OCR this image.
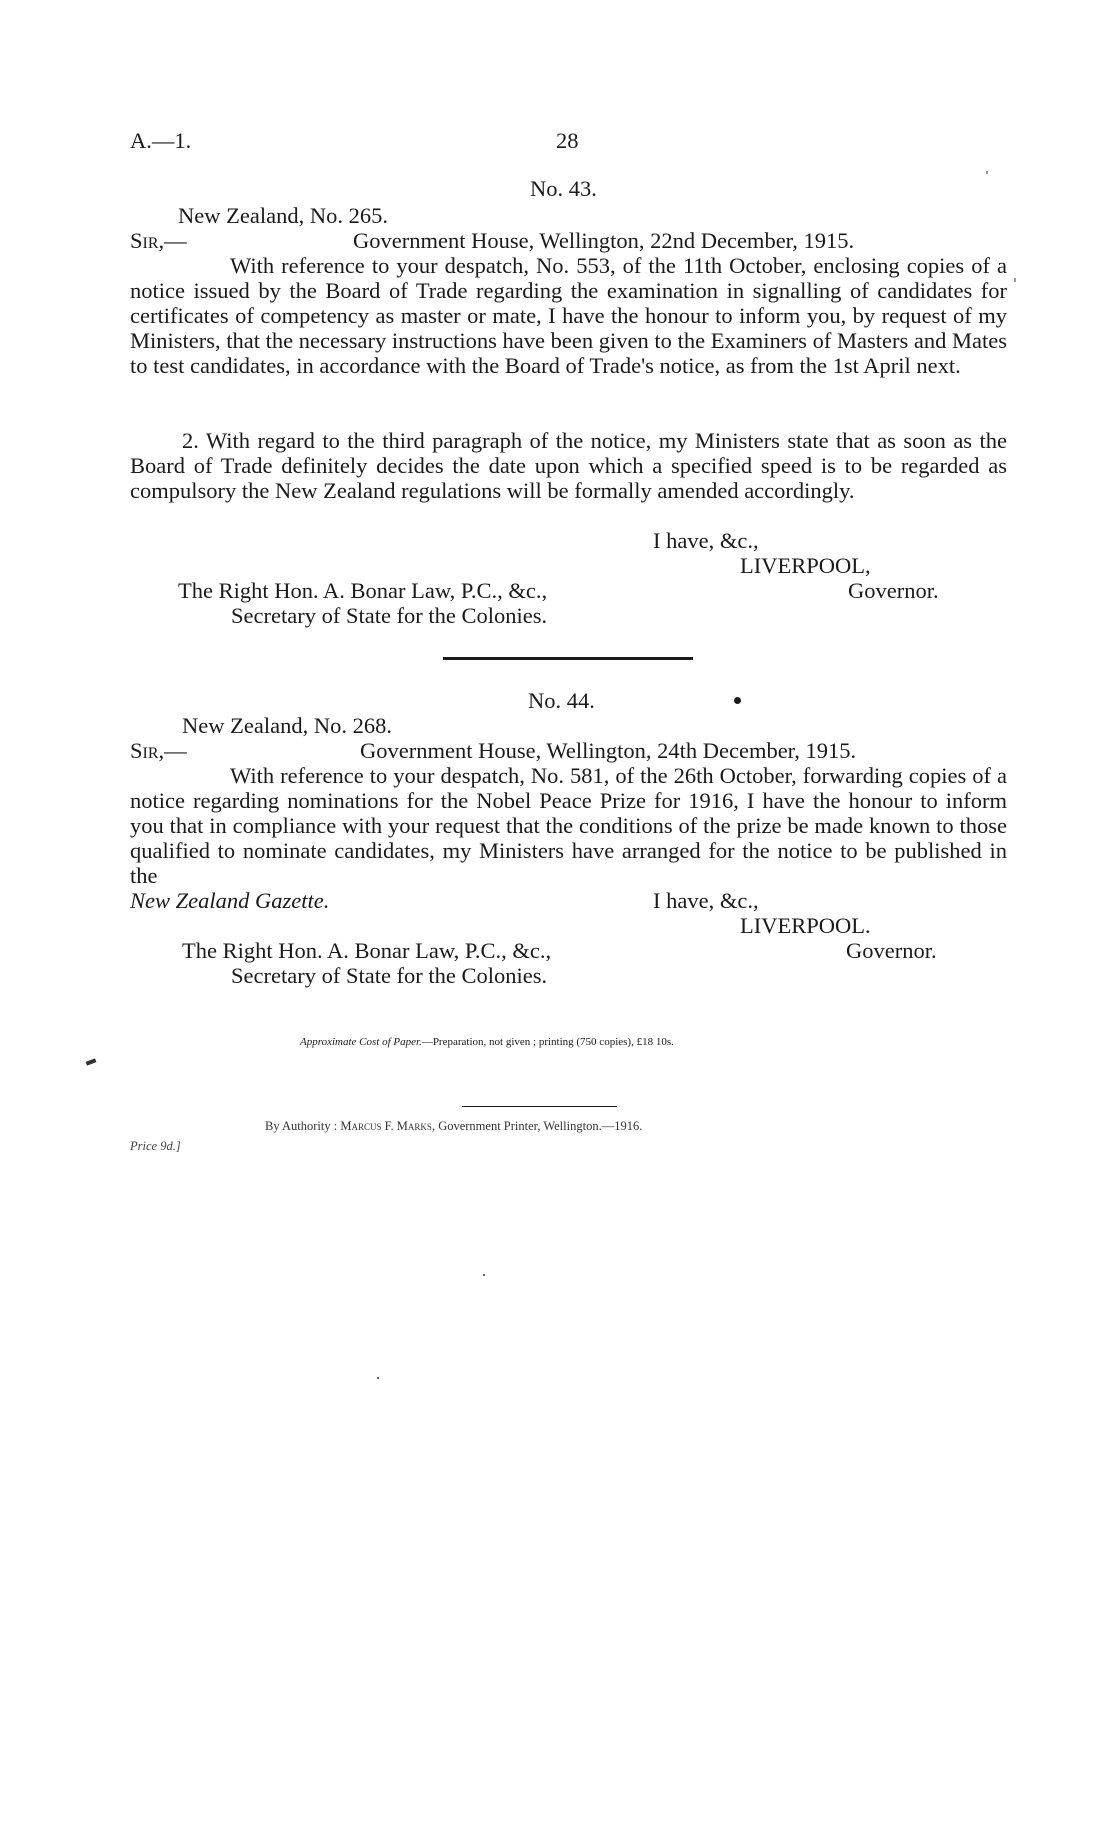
A.—1.	28
No. 43.
New Zealand, No. 265.
Sir,—	Government House, Wellington, 22nd December, 1915.
With reference to your despatch, No. 553, of the 11th October, enclosing copies of a notice issued by the Board of Trade regarding the examination in signalling of candidates for certificates of competency as master or mate, I have the honour to inform you, by request of my Ministers, that the necessary instructions have been given to the Examiners of Masters and Mates to test candidates, in accordance with the Board of Trade's notice, as from the 1st April next.
2. With regard to the third paragraph of the notice, my Ministers state that as soon as the Board of Trade definitely decides the date upon which a specified speed is to be regarded as compulsory the New Zealand regulations will be formally amended accordingly.
I have, &c.,
LIVERPOOL,
The Right Hon. A. Bonar Law, P.C., &c.,	Governor.
Secretary of State for the Colonies.
No. 44.
New Zealand, No. 268.
Sir,—	Government House, Wellington, 24th December, 1915.
With reference to your despatch, No. 581, of the 26th October, forwarding copies of a notice regarding nominations for the Nobel Peace Prize for 1916, I have the honour to inform you that in compliance with your request that the conditions of the prize be made known to those qualified to nominate candidates, my Ministers have arranged for the notice to be published in the
New Zealand Gazette.	I have, &c.,
LIVERPOOL.
The Right Hon. A. Bonar Law, P.C., &c.,	Governor.
Secretary of State for the Colonies.
Approximate Cost of Paper.—Preparation, not given ; printing (750 copies), £18 10s.
By Authority : Marcus F. Marks, Government Printer, Wellington.—1916.
Price 9d.]
